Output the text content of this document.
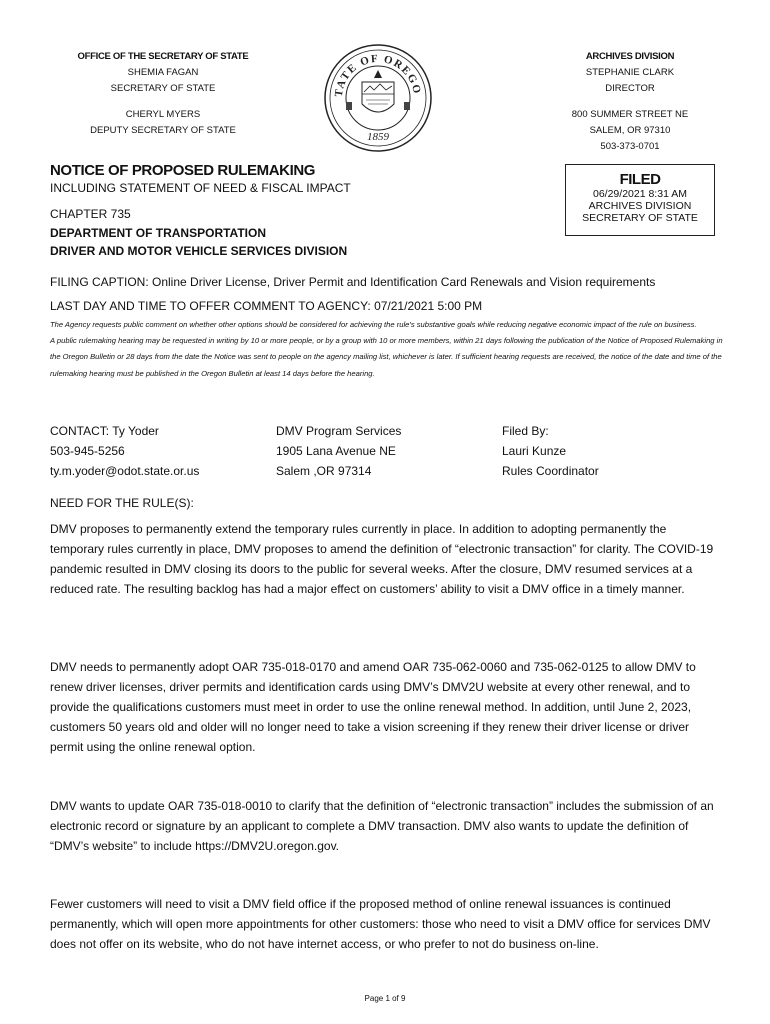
OFFICE OF THE SECRETARY OF STATE
SHEMIA FAGAN
SECRETARY OF STATE
CHERYL MYERS
DEPUTY SECRETARY OF STATE
TATE OF OREGO
1859
ARCHIVES DIVISION
STEPHANIE CLARK
DIRECTOR
800 SUMMER STREET NE
SALEM, OR 97310
503-373-0701
NOTICE OF PROPOSED RULEMAKING
INCLUDING STATEMENT OF NEED & FISCAL IMPACT
CHAPTER 735
DEPARTMENT OF TRANSPORTATION
DRIVER AND MOTOR VEHICLE SERVICES DIVISION
FILED
06/29/2021 8:31 AM
ARCHIVES DIVISION
SECRETARY OF STATE
FILING CAPTION: Online Driver License, Driver Permit and Identification Card Renewals and Vision requirements
LAST DAY AND TIME TO OFFER COMMENT TO AGENCY: 07/21/2021 5:00 PM
The Agency requests public comment on whether other options should be considered for achieving the rule's substantive goals while reducing negative economic impact of the rule on business.
A public rulemaking hearing may be requested in writing by 10 or more people, or by a group with 10 or more members, within 21 days following the publication of the Notice of Proposed Rulemaking in the Oregon Bulletin or 28 days from the date the Notice was sent to people on the agency mailing list, whichever is later. If sufficient hearing requests are received, the notice of the date and time of the rulemaking hearing must be published in the Oregon Bulletin at least 14 days before the hearing.
CONTACT: Ty Yoder
503-945-5256
ty.m.yoder@odot.state.or.us
DMV Program Services
1905 Lana Avenue NE
Salem ,OR 97314
Filed By:
Lauri Kunze
Rules Coordinator
NEED FOR THE RULE(S):
DMV proposes to permanently extend the temporary rules currently in place. In addition to adopting permanently the temporary rules currently in place, DMV proposes to amend the definition of “electronic transaction” for clarity. The COVID-19 pandemic resulted in DMV closing its doors to the public for several weeks. After the closure, DMV resumed services at a reduced rate. The resulting backlog has had a major effect on customers’ ability to visit a DMV office in a timely manner.
DMV needs to permanently adopt OAR 735-018-0170 and amend OAR 735-062-0060 and 735-062-0125 to allow DMV to renew driver licenses, driver permits and identification cards using DMV’s DMV2U website at every other renewal, and to provide the qualifications customers must meet in order to use the online renewal method. In addition, until June 2, 2023, customers 50 years old and older will no longer need to take a vision screening if they renew their driver license or driver permit using the online renewal option.
DMV wants to update OAR 735-018-0010 to clarify that the definition of “electronic transaction” includes the submission of an electronic record or signature by an applicant to complete a DMV transaction. DMV also wants to update the definition of “DMV’s website” to include https://DMV2U.oregon.gov.
Fewer customers will need to visit a DMV field office if the proposed method of online renewal issuances is continued permanently, which will open more appointments for other customers: those who need to visit a DMV office for services DMV does not offer on its website, who do not have internet access, or who prefer to not do business on-line.
Page 1 of 9
